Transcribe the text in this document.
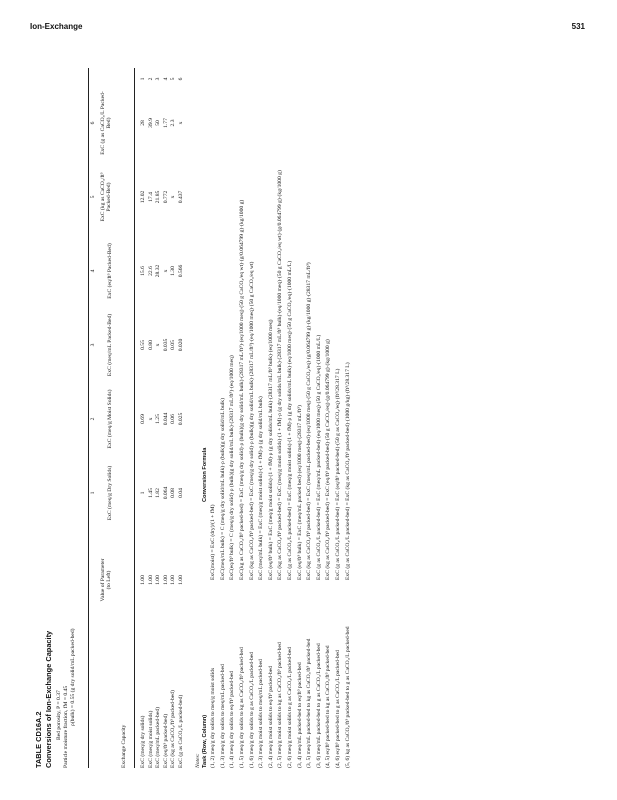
Ion-Exchange	531
TABLE CD16A.2 Conversions of Ion-Exchange Capacity Bed porosity, P = 0.37 Particle moisture fraction, fM = 0.45
ρ(bulk) = 0.55 (g dry solid/mL packed-bed)
1
2
3
4
5
6
Exchange Capacity
Value of Parameter (to Left)
ExC (meq/g Dry Solids)
ExC (meq/g Moist Solids)
ExC (meq/mL Packed-Bed)
ExC (eq/ft³ Packed-Bed)
ExC (kg as CaCO₃/ft³ Packed-Bed)
ExC (g as CaCO₃/L Packed-Bed)
ExC (meq/g dry solids)
1.00
1
0.69
0.55
15.6
12.02
28
1
ExC (meq/g moist solids)
1.00
1.45
x
0.80
22.6
17.4
39.9
2
ExC (meq/mL packed-bed)
1.00
1.82
1.25
x
28.32
21.85
50
3
ExC (eq/ft³ packed-bed)
1.00
0.064
0.044
0.035
x
0.772
1.77
4
ExC (kg as CaCO₃/ft³ packed-bed)
1.00
0.08
0.06
0.05
1.30
x
2.3
5
ExC (g as CaCO₃/L packed-bed)
1.00
0.04
0.025
0.020
0.566
0.437
x
6
Notes: Task (Row, Column)
Conversion Formula
(1, 2) meq/g dry solids to meq/g moist solids
ExC(moist) = ExC (dry)/(1 + fM)
(1, 3) meq/g dry solids to meq/mL packed-bed
ExC(meq/mL bulk) = C (meq/g dry solid/mL bulk)·ρ (bulk)(g dry solid/mL bulk)
(1, 4) meq/g dry solids to eq/ft³ packed-bed
ExC(eq/ft³ bulk) = C (meq/g dry solid)·ρ (bulk)(g dry solid/mL bulk)·(28317 mL/ft³)·(eq/1000 meq)
(1, 5) meq/g dry solids to kg as CaCO₃/ft³ packed-bed
ExC(kg as CaCO₃/ft³ packed-bed) = ExC (meq/g dry solid)·ρ (bulk)(g dry solid/mL bulk)·(28317 mL/ft³)·(eq/1000 meq)·(50 g CaCO₃/eq wt)·(g/0.064799 g)·(kg/1000 g)
(1, 6) meq/g dry solids to g as CaCO₃/L packed-bed
ExC (kg as CaCO₃/ft³ packed-bed) = ExC (meq/g dry solid)·ρ (bulk)(g dry solid/mL bulk)·(28317 mL/ft³)·(eq/1000 meq)·(50 g CaCO₃/eq wt)
(2, 3) meq/g moist solids to meq/mL packed-bed
ExC (meq/mL bulk) = ExC (meq/g moist solids)·(1 + fM)·ρ (g dry solid/mL bulk)
(2, 4) meq/g moist solids to eq/ft³ packed-bed
ExC (eq/ft³ bulk) = ExC (meq/g moist solids)·(1 + fM)·ρ (g dry solids/mL bulk)·(28317 mL/ft³ bulk)·(eq/1000 meq)
(2, 5) meq/g moist solids to kg as CaCO₃/ft³ packed-bed
ExC (kg as CaCO₃/ft³ packed-bed) = ExC (meq/g moist solids)·(1 + fM)·ρ (g dry solids/mL bulk)·(28317 mL/ft³ bulk)·(eq/1000 meq)·(50 g CaCO₃/eq wt)·(g/0.064799 g)·(kg/1000 g)
(2, 6) meq/g moist solids to g as CaCO₃/L packed-bed
ExC (g as CaCO₃/L packed-bed) = ExC (meq/g moist solids)·(1 + fM)·ρ (g dry solids/mL bulk)·(eq/1000 meq)·(50 g CaCO₃/eq)·(1000 mL/L)
(3, 4) meq/mL packed-bed to eq/ft³ packed-bed
ExC (eq/ft³ bulk) = ExC (meq/mL packed bed)·(eq/1000 meq)·(28317 mL/ft³)
(3, 5) meq/mL packed-bed to kg as CaCO₃/ft³ packed-bed
ExC (kg as CaCO₃/ft³ packed-bed) = ExC (meq/mL packed-bed)·(eq/1000 meq)·(50 g CaCO₃/eq)·(g/0.064799 g)·(kg/1000 g)·(28317 mL/ft³)
(3, 6) meq/mL packed-bed to g as CaCO₃/L packed-bed
ExC (g as CaCO₃/L packed-bed) = ExC (meq/mL packed-bed)·(eq/1000 meq)·(50 g CaCO₃/eq)·(1000 mL/L)
(4, 5) eq/ft³ packed-bed to kg as CaCO₃/ft³ packed-bed
ExC (kg as CaCO₃/ft³ packed-bed) = ExC (eq/ft³ packed-bed)·(50 g CaCO₃/eq)·(g/0.064799 g)·(kg/1000 g)
(4, 6) eq/ft³ packed-bed to g as CaCO₃/L packed-bed
ExC (g as CaCO₃/L packed-bed) = ExC (eq/ft³ packed-bed)·(50 g as CaCO₃/eq)·(ft³/28.317 L)
(5, 6) kg as CaCO₃/ft³ packed-bed to g as CaCO₃/L packed-bed
ExC (g as CaCO₃/L packed-bed) = ExC (kg as CaCO₃/ft³ packed-bed)·(1000 g/kg)·(ft³/28.317 L)
